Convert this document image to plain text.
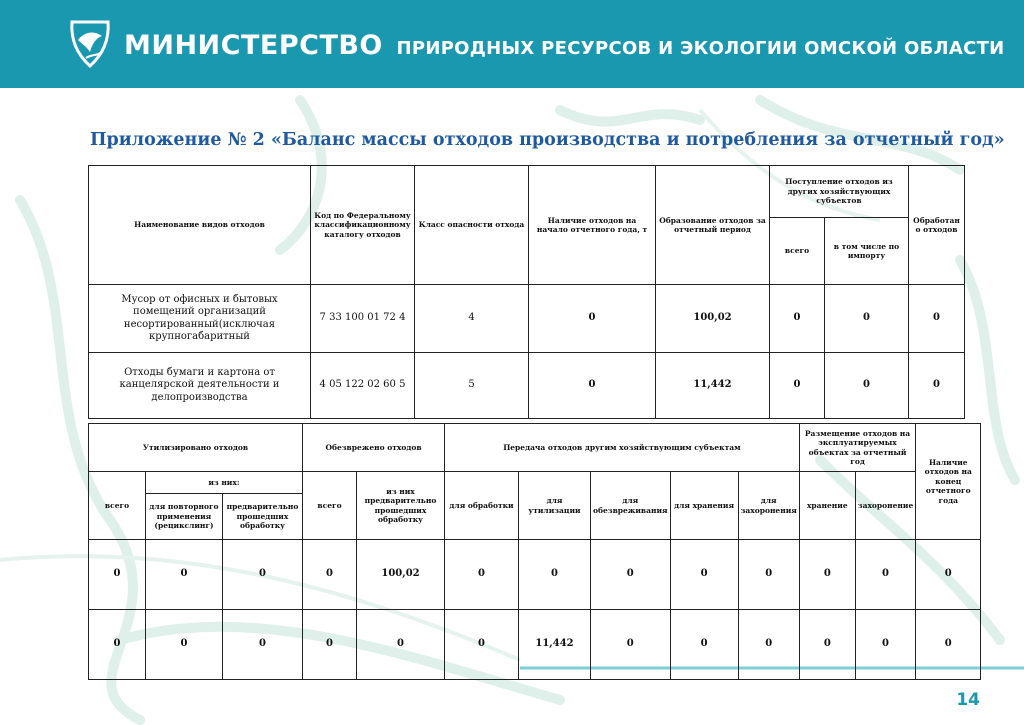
МИНИСТЕРСТВО ПРИРОДНЫХ РЕСУРСОВ И ЭКОЛОГИИ ОМСКОЙ ОБЛАСТИ
Приложение № 2 «Баланс массы отходов производства и потребления за отчетный год»
Наименование видов отходов	Код по Федеральному классификационному каталогу отходов	Класс опасности отхода	Наличие отходов на начало отчетного года, т	Образование отходов за отчетный период	Поступление отходов из других хозяйствующих субъектов		Обработан о отходов
					всего	в том числе по импорту	
Мусор от офисных и бытовых помещений организаций несортированный(исключая крупногабаритный	7 33 100 01 72 4	4	0	100,02	0	0	0
Отходы бумаги и картона от канцелярской деятельности и делопроизводства	4 05 122 02 60 5	5	0	11,442	0	0	0
Утилизировано отходов			Обезврежено отходов		Передача отходов другим хозяйствующим субъектам					Размещение отходов на эксплуатируемых объектах за отчетный год		Наличие отходов на конец отчетного года
всего	из них:		всего	из них предварительно прошедших обработку	для обработки	для утилизации	для обезвреживания	для хранения	для захоронения	хранение	захоронение	
	для повторного применения (рецикслинг)	предварительно прошедших обработку										
0	0	0	0	100,02	0	0	0	0	0	0	0	0
0	0	0	0	0	0	11,442	0	0	0	0	0	0
14
